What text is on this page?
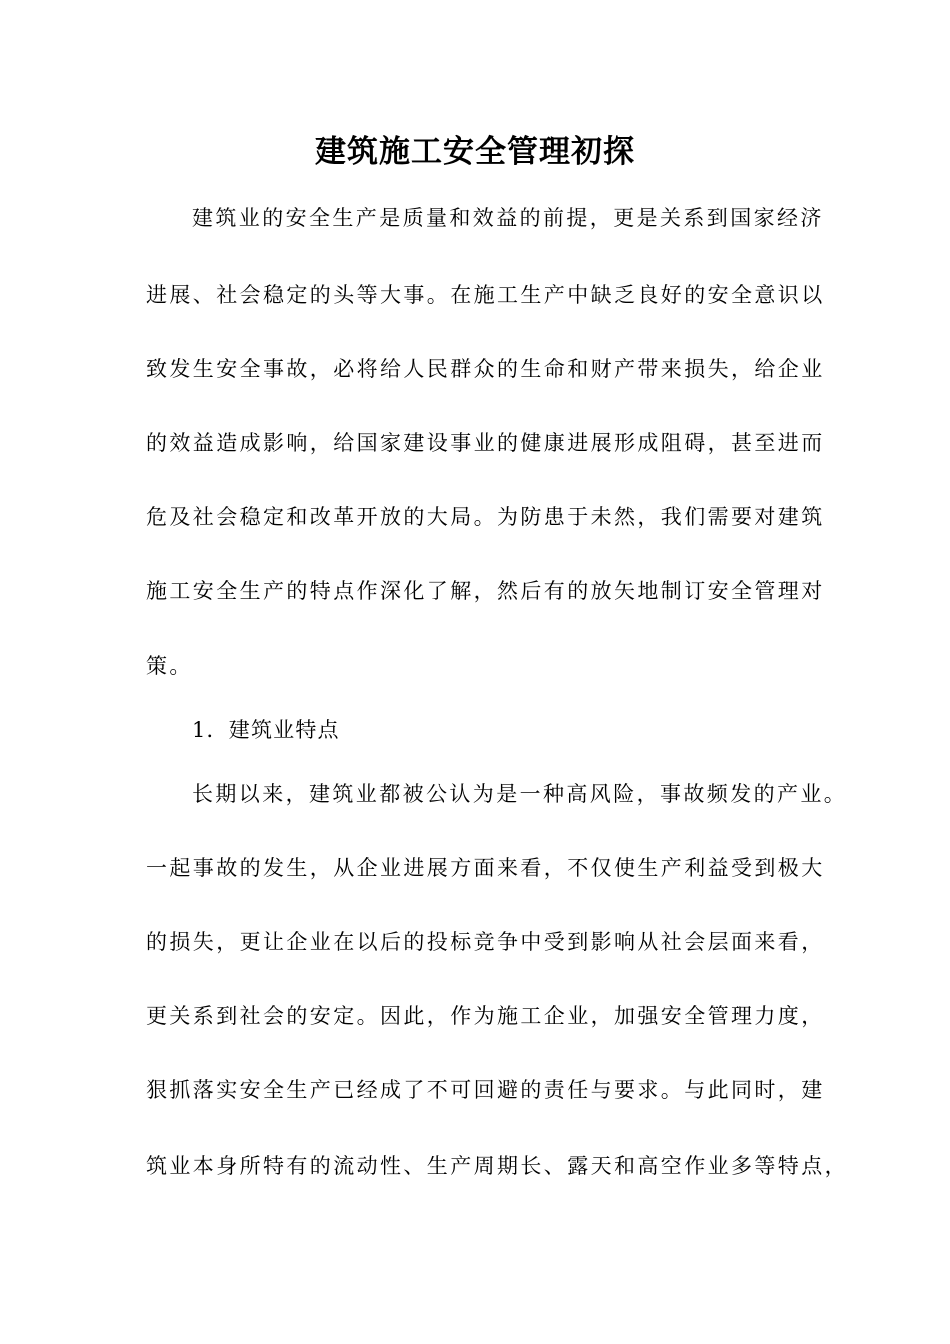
建筑施工安全管理初探
建筑业的安全生产是质量和效益的前提，更是关系到国家经济
进展、社会稳定的头等大事。在施工生产中缺乏良好的安全意识以
致发生安全事故，必将给人民群众的生命和财产带来损失，给企业
的效益造成影响，给国家建设事业的健康进展形成阻碍，甚至进而
危及社会稳定和改革开放的大局。为防患于未然，我们需要对建筑
施工安全生产的特点作深化了解，然后有的放矢地制订安全管理对
策。
1．建筑业特点
长期以来，建筑业都被公认为是一种高风险，事故频发的产业。
一起事故的发生，从企业进展方面来看，不仅使生产利益受到极大
的损失，更让企业在以后的投标竞争中受到影响从社会层面来看，
更关系到社会的安定。因此，作为施工企业，加强安全管理力度，
狠抓落实安全生产已经成了不可回避的责任与要求。与此同时，建
筑业本身所特有的流动性、生产周期长、露天和高空作业多等特点，
